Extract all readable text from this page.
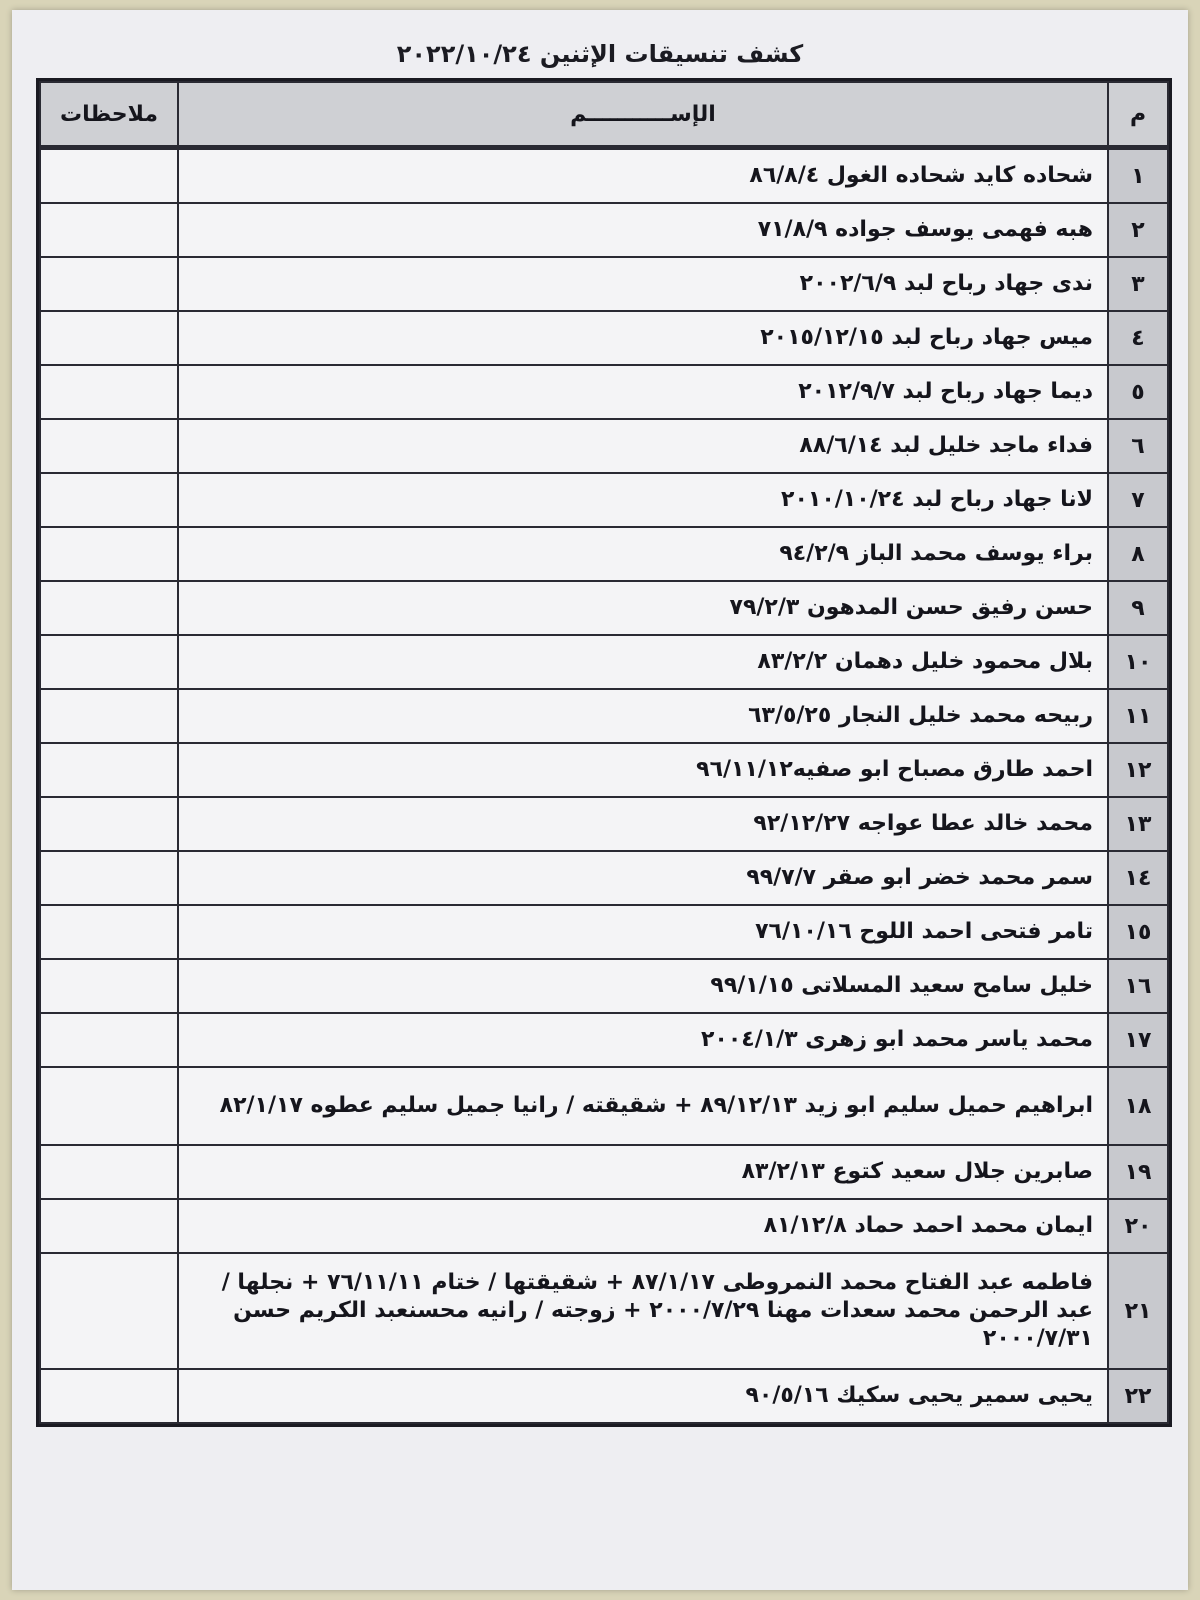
كشف تنسيقات الإثنين ٢٠٢٢/١٠/٢٤
م	الإســـــــــــم	ملاحظات
١	شحاده كايد شحاده الغول ٨٦/٨/٤	
٢	هبه فهمى يوسف جواده ٧١/٨/٩	
٣	ندى جهاد رباح لبد ٢٠٠٢/٦/٩	
٤	ميس جهاد رباح لبد ٢٠١٥/١٢/١٥	
٥	ديما جهاد رباح لبد ٢٠١٢/٩/٧	
٦	فداء ماجد خليل لبد ٨٨/٦/١٤	
٧	لانا جهاد رباح لبد ٢٠١٠/١٠/٢٤	
٨	براء يوسف محمد الباز ٩٤/٢/٩	
٩	حسن رفيق حسن المدهون ٧٩/٢/٣	
١٠	بلال محمود خليل دهمان ٨٣/٢/٢	
١١	ربيحه محمد خليل النجار ٦٣/٥/٢٥	
١٢	احمد طارق مصباح ابو صفيه٩٦/١١/١٢	
١٣	محمد خالد عطا عواجه ٩٢/١٢/٢٧	
١٤	سمر محمد خضر ابو صقر ٩٩/٧/٧	
١٥	تامر فتحى احمد اللوح ٧٦/١٠/١٦	
١٦	خليل سامح سعيد المسلاتى ٩٩/١/١٥	
١٧	محمد ياسر محمد ابو زهرى ٢٠٠٤/١/٣	
١٨	ابراهيم حميل سليم ابو زيد ٨٩/١٢/١٣ + شقيقته / رانيا جميل سليم عطوه ٨٢/١/١٧	
١٩	صابرين جلال سعيد كتوع ٨٣/٢/١٣	
٢٠	ايمان محمد احمد حماد ٨١/١٢/٨	
٢١	فاطمه عبد الفتاح محمد النمروطى ٨٧/١/١٧ + شقيقتها / ختام ٧٦/١١/١١ + نجلها / عبد الرحمن محمد سعدات مهنا ٢٠٠٠/٧/٢٩ + زوجته / رانيه محسنعبد الكريم حسن ٢٠٠٠/٧/٣١	
٢٢	يحيى سمير يحيى سكيك ٩٠/٥/١٦	
